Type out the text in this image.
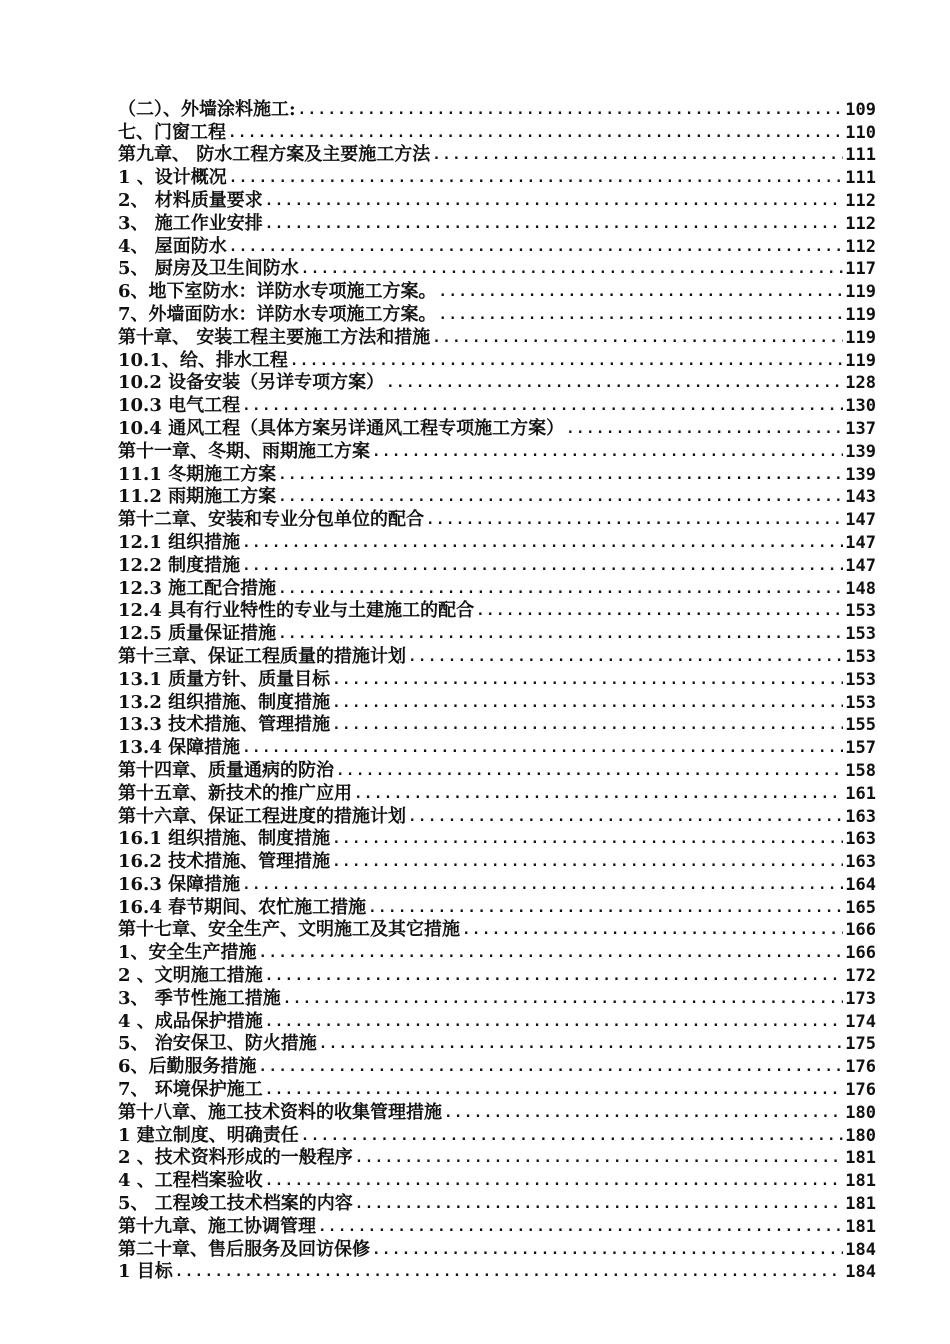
（二）、外墙涂料施工: .....	109
七、门窗工程 .....	110
第九章、 防水工程方案及主要施工方法 .....	111
1 、设计概况 .....	111
2、 材料质量要求 .....	112
3、 施工作业安排 .....	112
4、 屋面防水 .....	112
5、 厨房及卫生间防水 .....	117
6、地下室防水：详防水专项施工方案。 .....	119
7、外墙面防水：详防水专项施工方案。 .....	119
第十章、 安装工程主要施工方法和措施 .....	119
10.1、给、排水工程 .....	119
10.2 设备安装（另详专项方案） .....	128
10.3 电气工程 .....	130
10.4 通风工程（具体方案另详通风工程专项施工方案） .....	137
第十一章、冬期、雨期施工方案 .....	139
11.1 冬期施工方案 .....	139
11.2 雨期施工方案 .....	143
第十二章、安装和专业分包单位的配合 .....	147
12.1 组织措施 .....	147
12.2 制度措施 .....	147
12.3 施工配合措施 .....	148
12.4 具有行业特性的专业与土建施工的配合 .....	153
12.5 质量保证措施 .....	153
第十三章、保证工程质量的措施计划 .....	153
13.1 质量方针、质量目标 .....	153
13.2 组织措施、制度措施 .....	153
13.3 技术措施、管理措施 .....	155
13.4 保障措施 .....	157
第十四章、质量通病的防治 .....	158
第十五章、新技术的推广应用 .....	161
第十六章、保证工程进度的措施计划 .....	163
16.1 组织措施、制度措施 .....	163
16.2 技术措施、管理措施 .....	163
16.3 保障措施 .....	164
16.4 春节期间、农忙施工措施 .....	165
第十七章、安全生产、文明施工及其它措施 .....	166
1、安全生产措施 .....	166
2 、文明施工措施 .....	172
3、 季节性施工措施 .....	173
4 、成品保护措施 .....	174
5、 治安保卫、防火措施 .....	175
6、后勤服务措施 .....	176
7、 环境保护施工 .....	176
第十八章、施工技术资料的收集管理措施 .....	180
1 建立制度、明确责任 .....	180
2 、技术资料形成的一般程序 .....	181
4 、工程档案验收 .....	181
5、 工程竣工技术档案的内容 .....	181
第十九章、施工协调管理 .....	181
第二十章、售后服务及回访保修 .....	184
1 目标 .....	184
